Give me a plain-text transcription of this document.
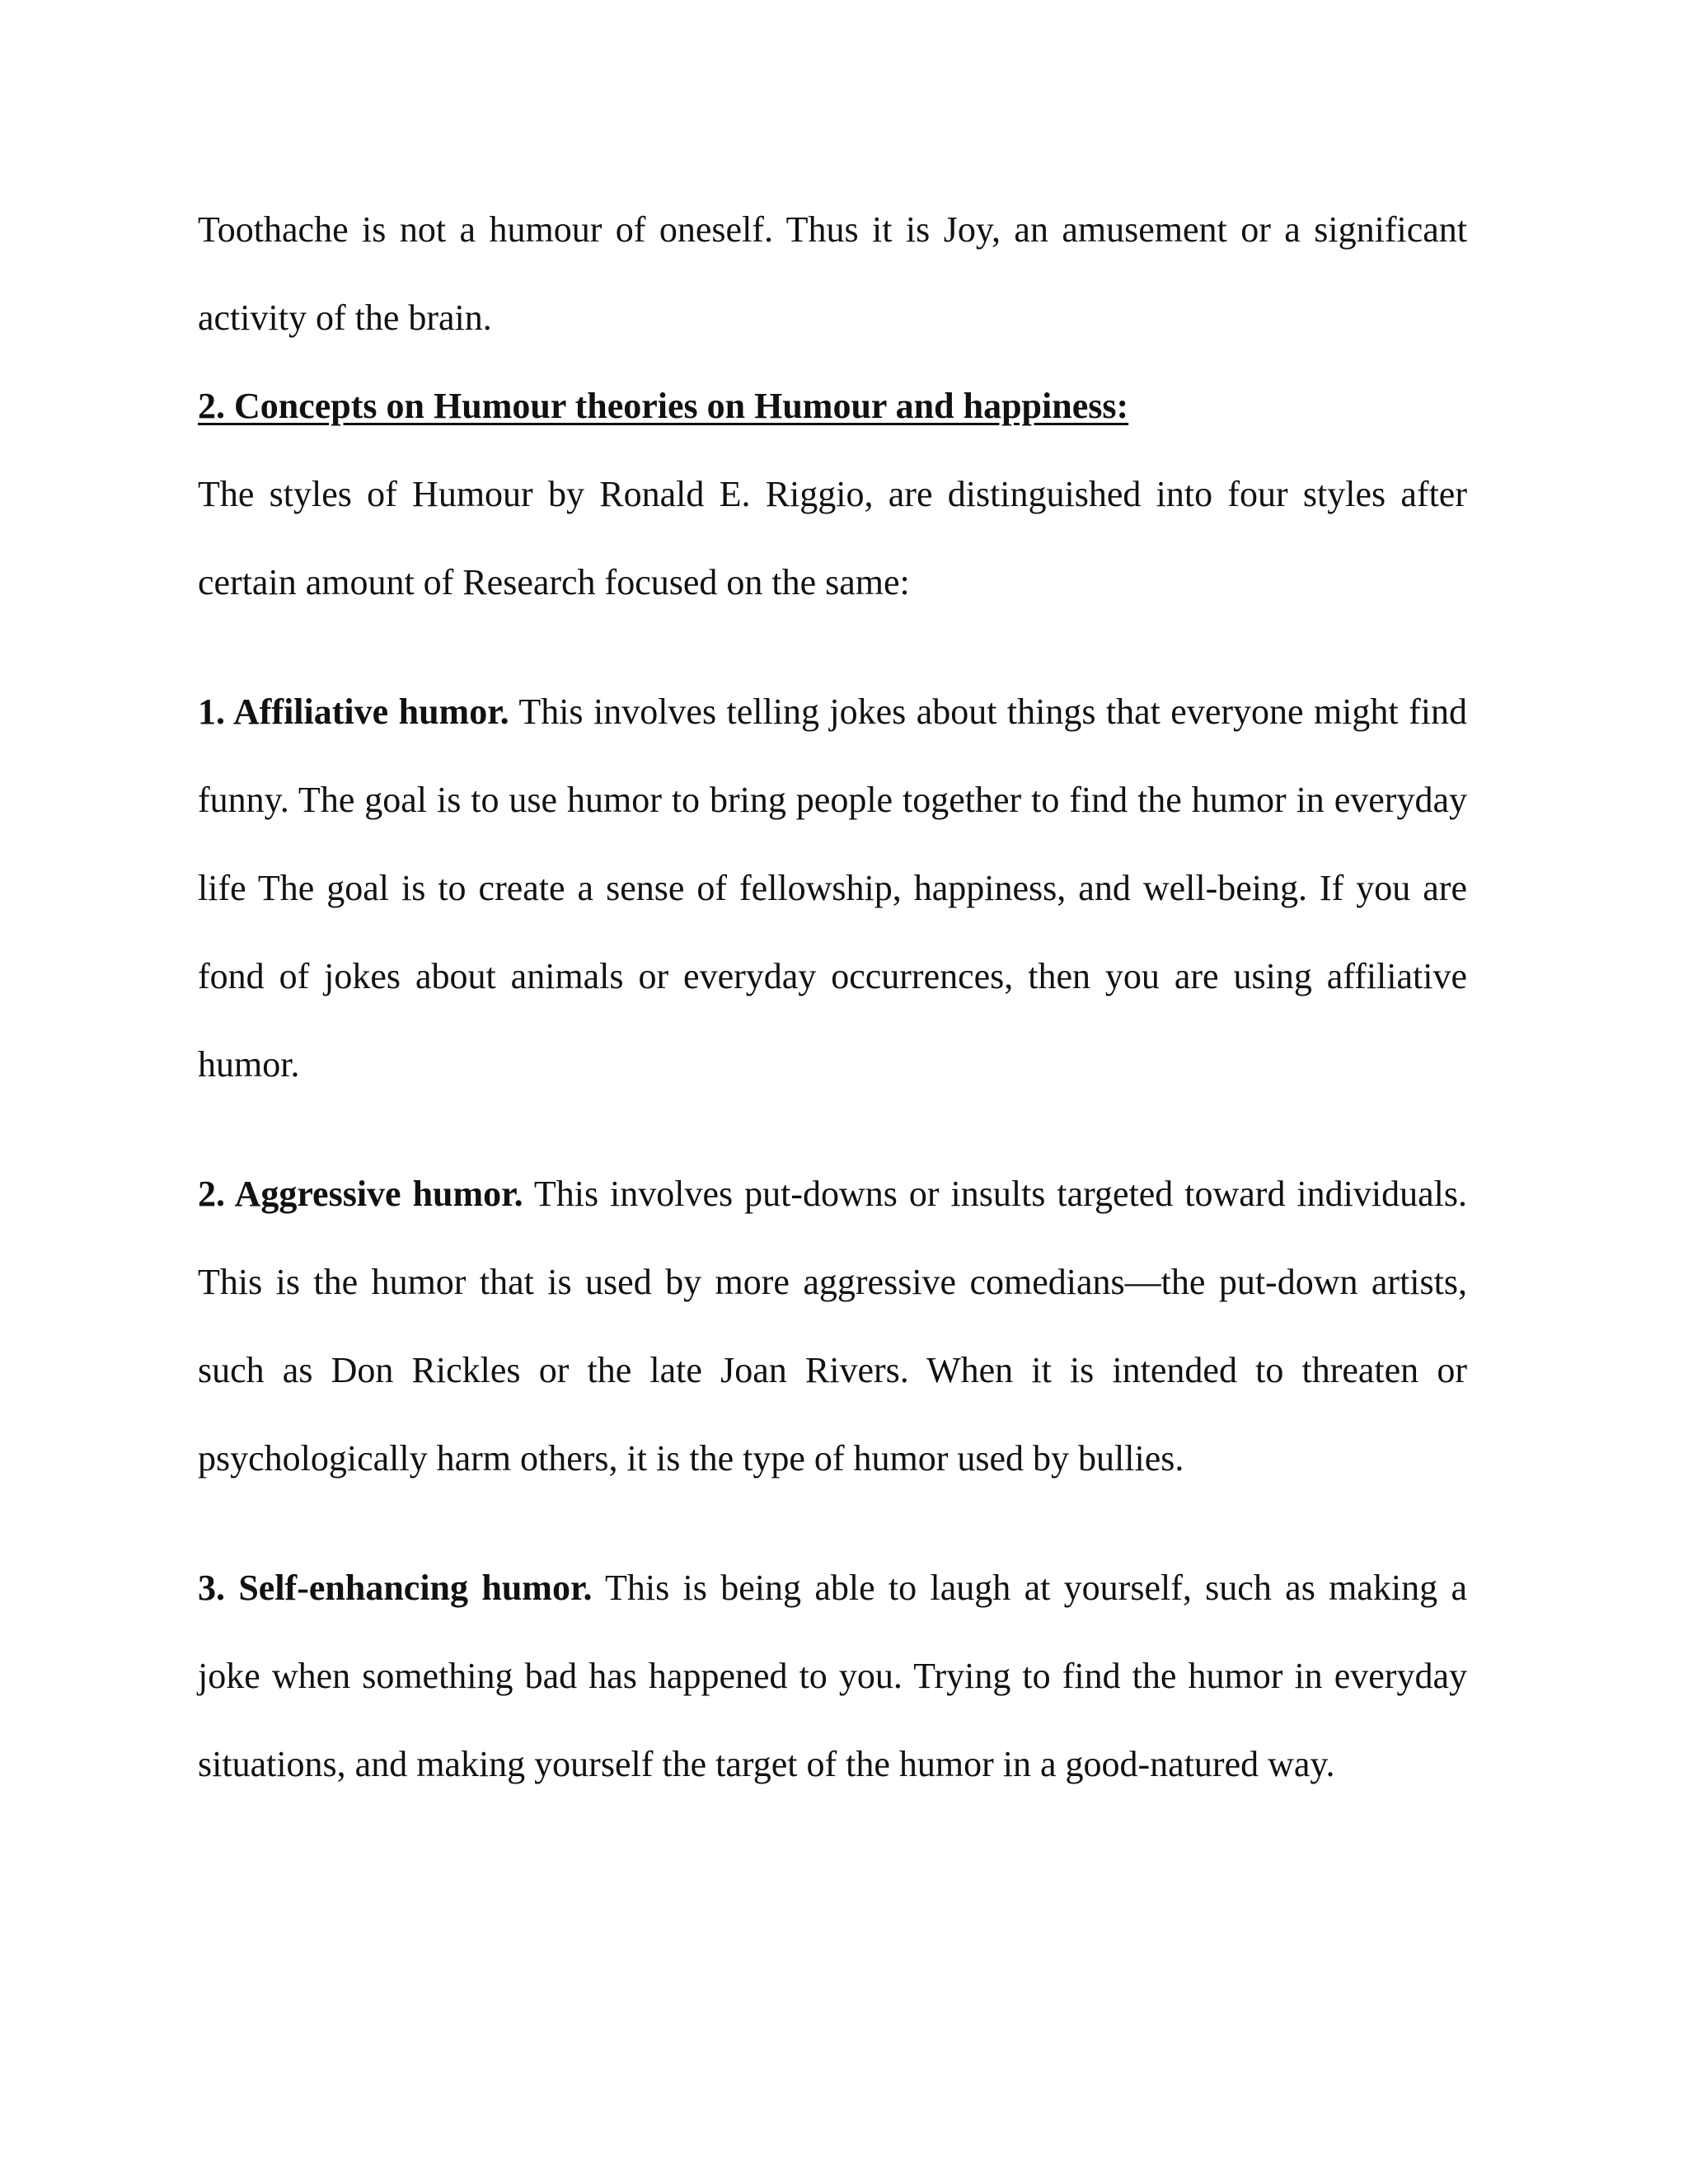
Toothache is not a humour of oneself. Thus it is Joy, an amusement or a significant activity of the brain.

2. Concepts on Humour theories on Humour and happiness:

The styles of Humour by Ronald E. Riggio, are distinguished into four styles after certain amount of Research focused on the same:

1. Affiliative humor. This involves telling jokes about things that everyone might find funny. The goal is to use humor to bring people together to find the humor in everyday life The goal is to create a sense of fellowship, happiness, and well-being. If you are fond of jokes about animals or everyday occurrences, then you are using affiliative humor.

2. Aggressive humor. This involves put-downs or insults targeted toward individuals. This is the humor that is used by more aggressive comedians—the put-down artists, such as Don Rickles or the late Joan Rivers. When it is intended to threaten or psychologically harm others, it is the type of humor used by bullies.

3. Self-enhancing humor. This is being able to laugh at yourself, such as making a joke when something bad has happened to you. Trying to find the humor in everyday situations, and making yourself the target of the humor in a good-natured way.
